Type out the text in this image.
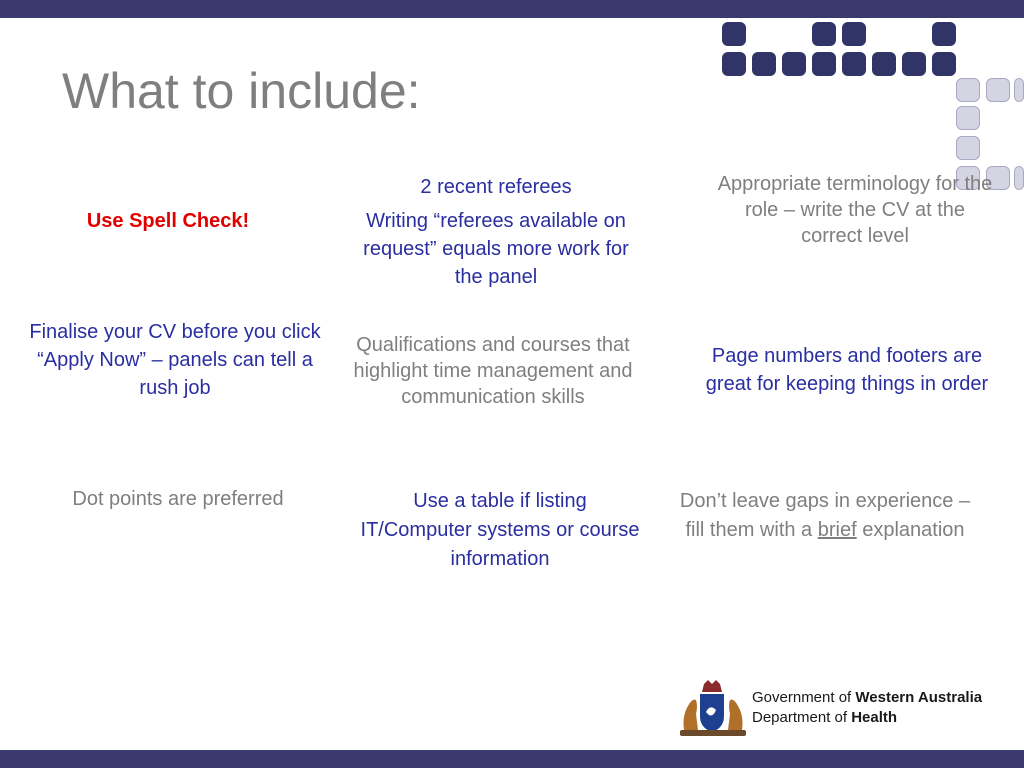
What to include:
Use Spell Check!

2 recent referees

Writing “referees available on request” equals more work for the panel

Appropriate terminology for the role – write the CV at the correct level
Finalise your CV before you click “Apply Now” – panels can tell a rush job
Qualifications and courses that highlight time management and communication skills
Page numbers and footers are great for keeping things in order
Dot points are preferred	Use a table if listing IT/Computer systems or course information
Don’t leave gaps in experience – fill them with a brief explanation
Government of Western Australia
Department of Health
